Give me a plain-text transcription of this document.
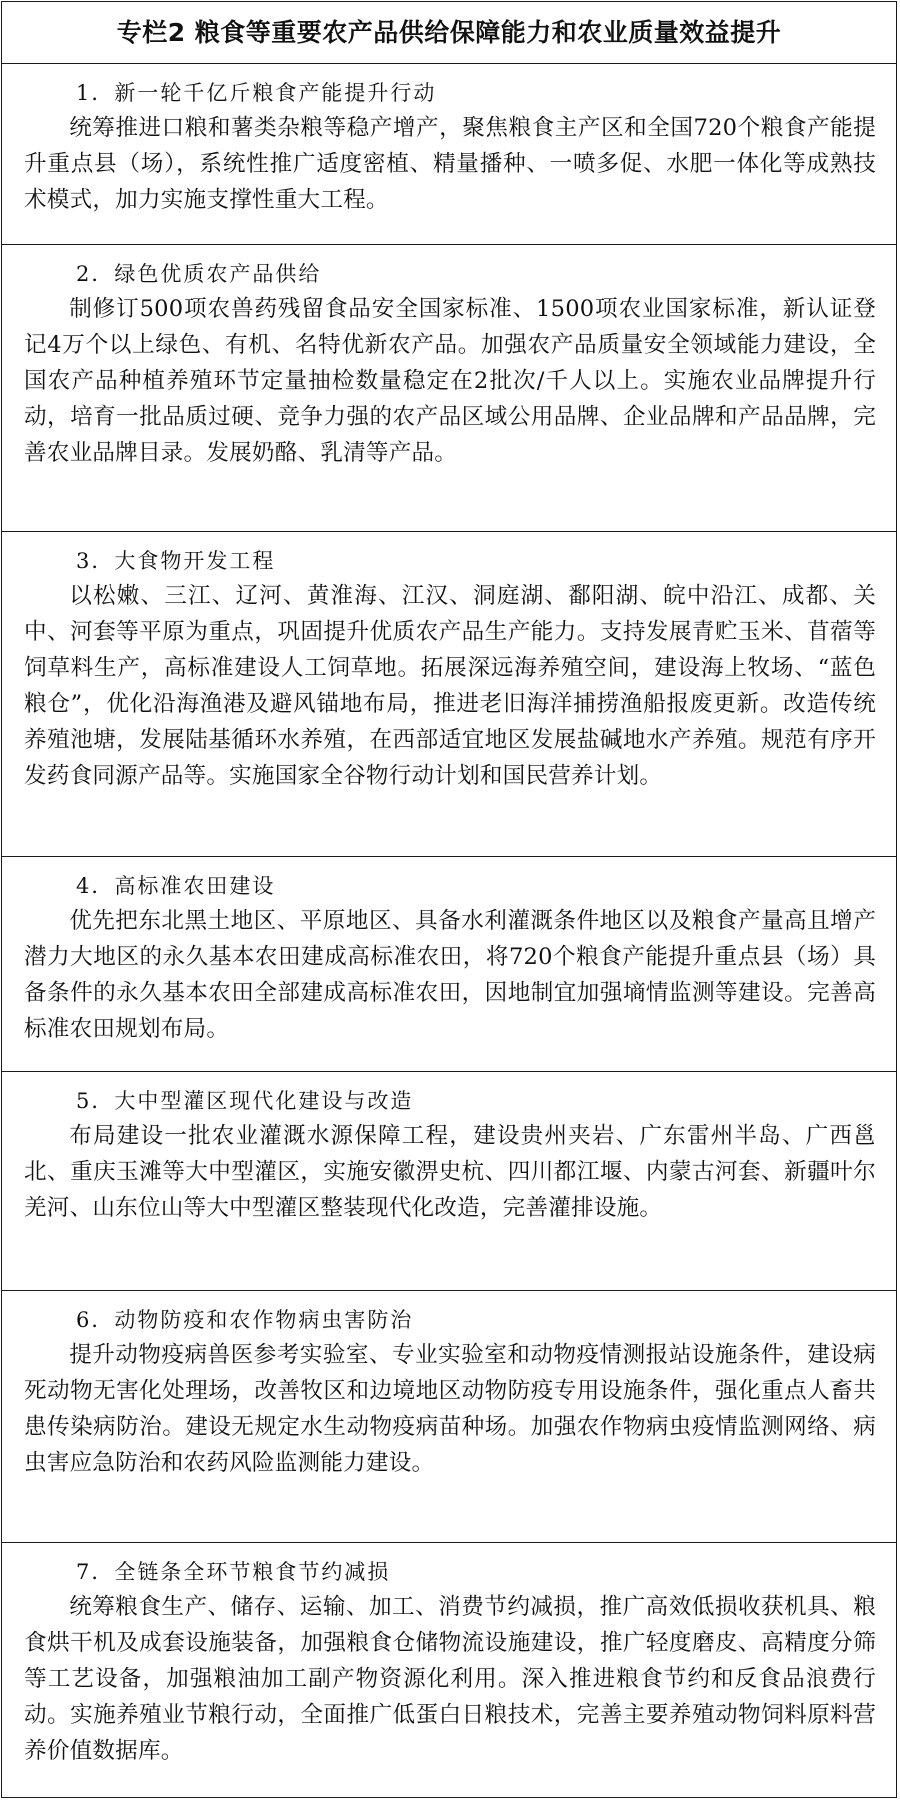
专栏2 粮食等重要农产品供给保障能力和农业质量效益提升
1．新一轮千亿斤粮食产能提升行动
统筹推进口粮和薯类杂粮等稳产增产，聚焦粮食主产区和全国720个粮食产能提升重点县（场），系统性推广适度密植、精量播种、一喷多促、水肥一体化等成熟技术模式，加力实施支撑性重大工程。
2．绿色优质农产品供给
制修订500项农兽药残留食品安全国家标准、1500项农业国家标准，新认证登记4万个以上绿色、有机、名特优新农产品。加强农产品质量安全领域能力建设，全国农产品种植养殖环节定量抽检数量稳定在2批次/千人以上。实施农业品牌提升行动，培育一批品质过硬、竞争力强的农产品区域公用品牌、企业品牌和产品品牌，完善农业品牌目录。发展奶酪、乳清等产品。
3．大食物开发工程
以松嫩、三江、辽河、黄淮海、江汉、洞庭湖、鄱阳湖、皖中沿江、成都、关中、河套等平原为重点，巩固提升优质农产品生产能力。支持发展青贮玉米、苜蓿等饲草料生产，高标准建设人工饲草地。拓展深远海养殖空间，建设海上牧场、“蓝色粮仓”，优化沿海渔港及避风锚地布局，推进老旧海洋捕捞渔船报废更新。改造传统养殖池塘，发展陆基循环水养殖，在西部适宜地区发展盐碱地水产养殖。规范有序开发药食同源产品等。实施国家全谷物行动计划和国民营养计划。
4．高标准农田建设
优先把东北黑土地区、平原地区、具备水利灌溉条件地区以及粮食产量高且增产潜力大地区的永久基本农田建成高标准农田，将720个粮食产能提升重点县（场）具备条件的永久基本农田全部建成高标准农田，因地制宜加强墒情监测等建设。完善高标准农田规划布局。
5．大中型灌区现代化建设与改造
布局建设一批农业灌溉水源保障工程，建设贵州夹岩、广东雷州半岛、广西邕北、重庆玉滩等大中型灌区，实施安徽淠史杭、四川都江堰、内蒙古河套、新疆叶尔羌河、山东位山等大中型灌区整装现代化改造，完善灌排设施。
6．动物防疫和农作物病虫害防治
提升动物疫病兽医参考实验室、专业实验室和动物疫情测报站设施条件，建设病死动物无害化处理场，改善牧区和边境地区动物防疫专用设施条件，强化重点人畜共患传染病防治。建设无规定水生动物疫病苗种场。加强农作物病虫疫情监测网络、病虫害应急防治和农药风险监测能力建设。
7．全链条全环节粮食节约减损
统筹粮食生产、储存、运输、加工、消费节约减损，推广高效低损收获机具、粮食烘干机及成套设施装备，加强粮食仓储物流设施建设，推广轻度磨皮、高精度分筛等工艺设备，加强粮油加工副产物资源化利用。深入推进粮食节约和反食品浪费行动。实施养殖业节粮行动，全面推广低蛋白日粮技术，完善主要养殖动物饲料原料营养价值数据库。
